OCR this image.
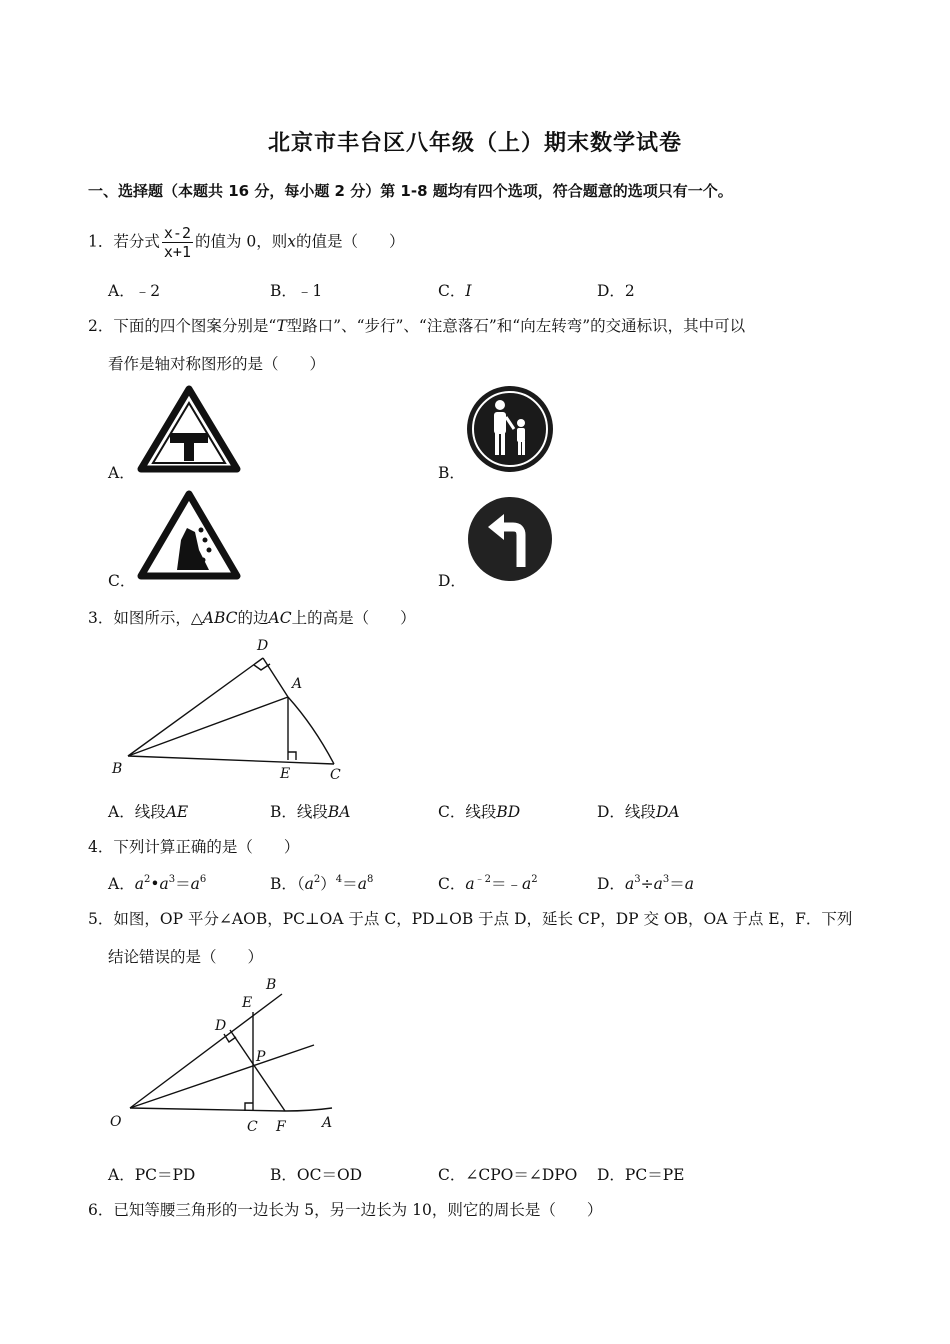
北京市丰台区八年级（上）期末数学试卷
一、选择题（本题共 16 分，每小题 2 分）第 1-8 题均有四个选项，符合题意的选项只有一个。
1．若分式 $\frac{x-2}{x+1}$ 的值为 0，则x的值是（　　）
A．﹣2	B．﹣1	C．I	D．2
2．下面的四个图案分别是“T型路口”、“步行”、“注意落石”和“向左转弯”的交通标识，其中可以
看作是轴对称图形的是（　　）
A．	B．
C．	D．
3．如图所示，△ABC的边AC上的高是（　　）
D
A
B	E	C
A．线段AE	B．线段BA	C．线段BD	D．线段DA
4．下列计算正确的是（　　）
A．$a^2•a^3=a^6$	B．$(a^2)^4=a^8$	C．$a^{﹣2}=﹣a^2$	D．$a^3\div a^3=a$
5．如图，OP 平分∠AOB，PC⊥OA 于点 C，PD⊥OB 于点 D，延长 CP，DP 交 OB，OA 于点 E，F．下列
结论错误的是（　　）
B
E
D
P
O	C F	A
A．PC＝PD	B．OC＝OD	C．∠CPO＝∠DPO D．PC＝PE
6．已知等腰三角形的一边长为 5，另一边长为 10，则它的周长是（　　）
